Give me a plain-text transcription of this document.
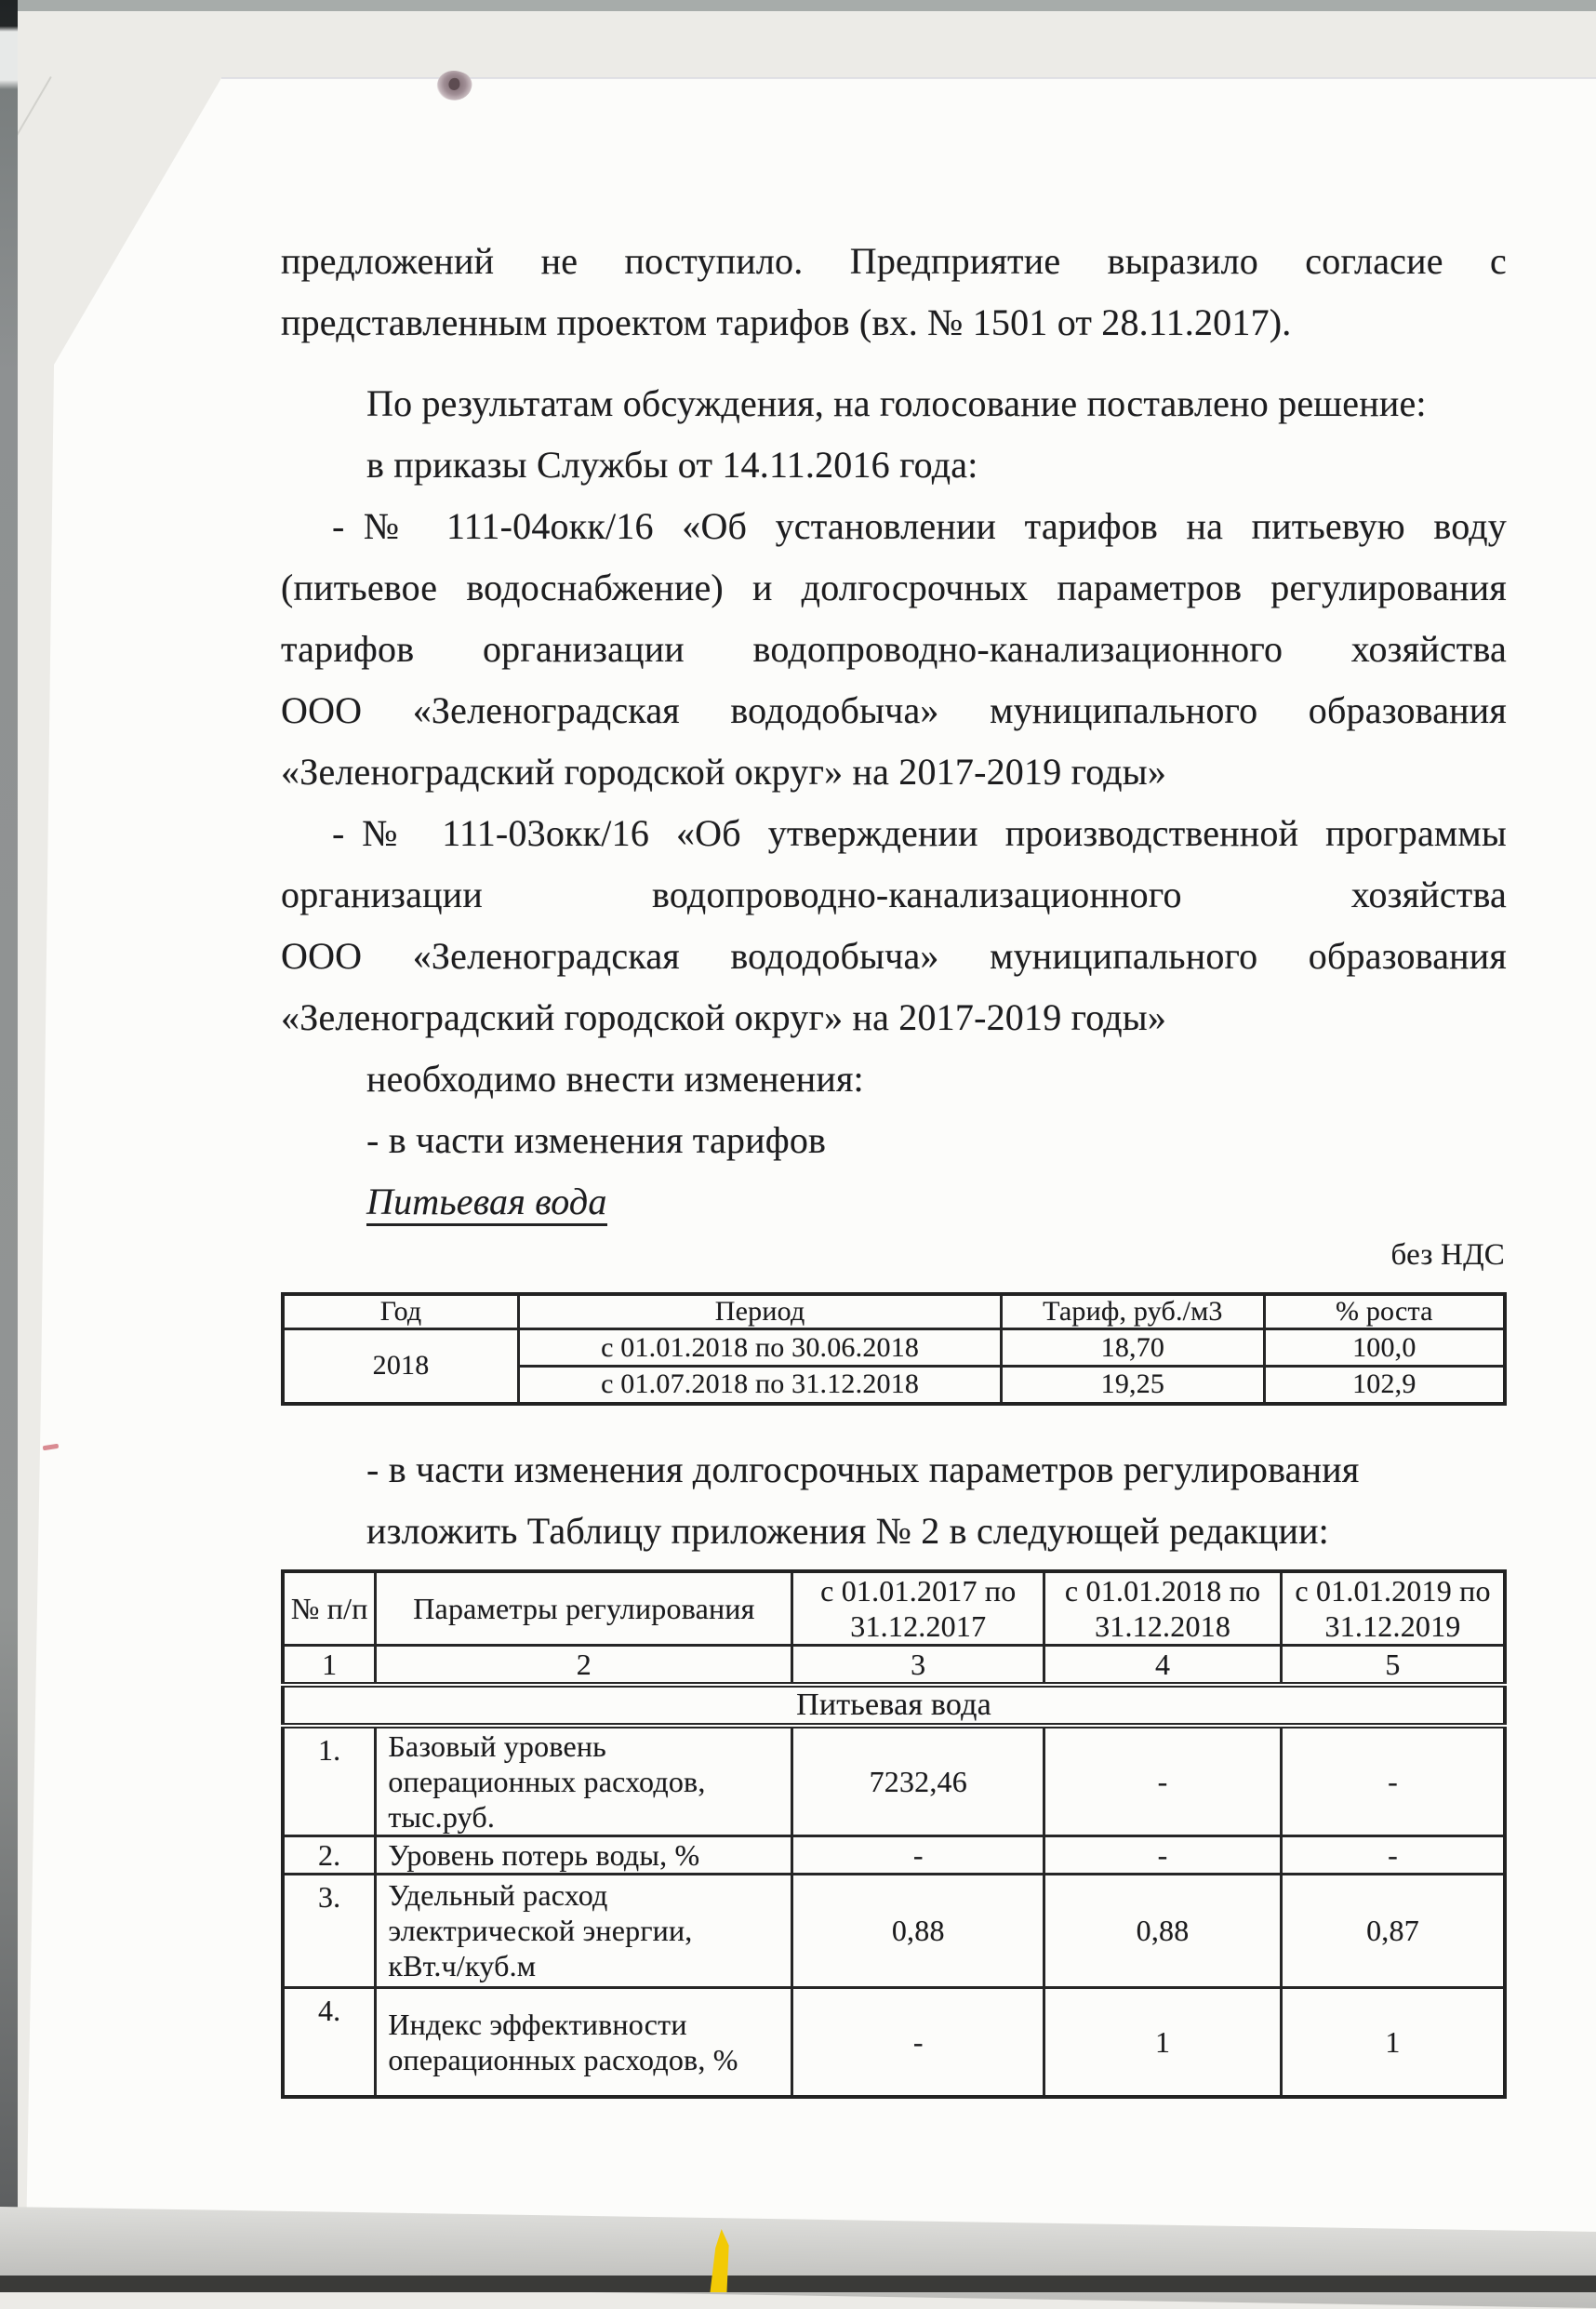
предложений не поступило. Предприятие выразило согласие с
представленным проектом тарифов (вх. № 1501 от 28.11.2017).
По результатам обсуждения, на голосование поставлено решение:
в приказы Службы от 14.11.2016 года:
-№ 111-04окк/16 «Об установлении тарифов на питьевую воду
(питьевое водоснабжение) и долгосрочных параметров регулирования
тарифов организации водопроводно-канализационного хозяйства
ООО «Зеленоградская вододобыча» муниципального образования
«Зеленоградский городской округ» на 2017-2019 годы»
-№ 111-03окк/16 «Об утверждении производственной программы
организации водопроводно-канализационного хозяйства
ООО «Зеленоградская вододобыча» муниципального образования
«Зеленоградский городской округ» на 2017-2019 годы»
необходимо внести изменения:
- в части изменения тарифов
Питьевая вода
без НДС
Год	Период	Тариф, руб./м3	% роста
2018	с 01.01.2018 по 30.06.2018	18,70	100,0
	с 01.07.2018 по 31.12.2018	19,25	102,9
- в части изменения долгосрочных параметров регулирования
изложить Таблицу приложения № 2 в следующей редакции:
№ п/п	Параметры регулирования	с 01.01.2017 по 31.12.2017	с 01.01.2018 по 31.12.2018	с 01.01.2019 по 31.12.2019
1	2	3	4	5
Питьевая вода				
1.	Базовый уровень операционных расходов, тыс.руб.	7232,46	-	-
2.	Уровень потерь воды, %	-	-	-
3.	Удельный расход электрической энергии, кВт.ч/куб.м	0,88	0,88	0,87
4.	Индекс эффективности операционных расходов, %	-	1	1
